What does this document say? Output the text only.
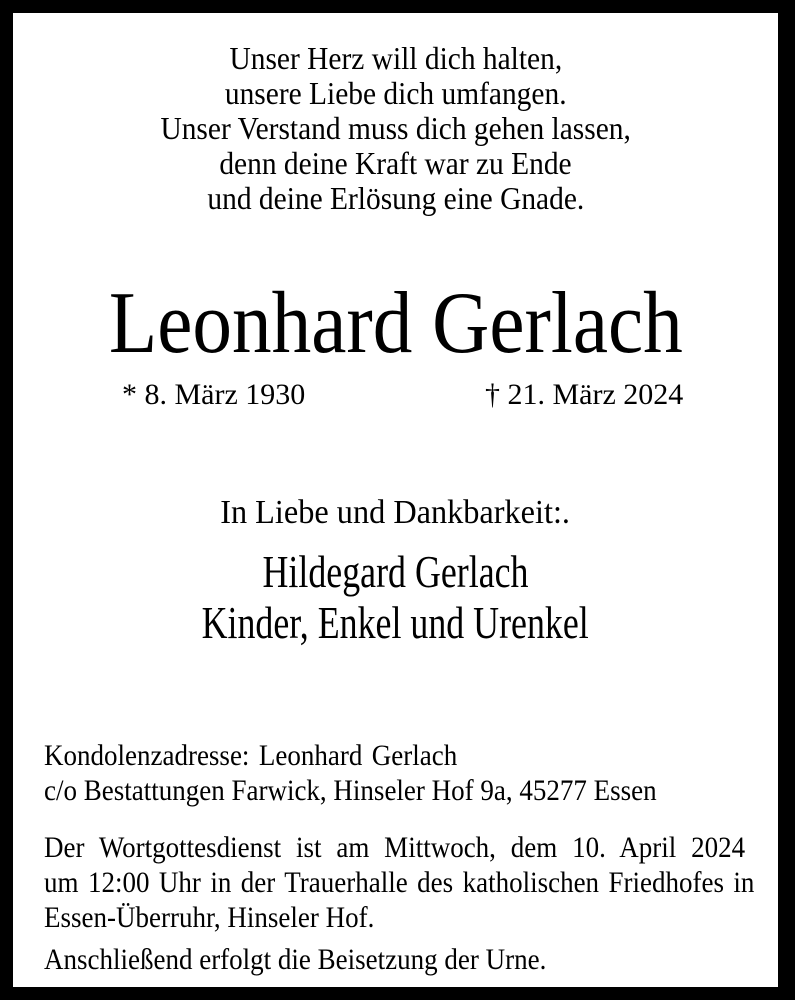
Unser Herz will dich halten,
unsere Liebe dich umfangen.
Unser Verstand muss dich gehen lassen,
denn deine Kraft war zu Ende
und deine Erlösung eine Gnade.
Leonhard Gerlach
* 8. März 1930	† 21. März 2024
In Liebe und Dankbarkeit:.
Hildegard Gerlach
Kinder, Enkel und Urenkel
Kondolenzadresse: Leonhard Gerlach
c/o Bestattungen Farwick, Hinseler Hof 9a, 45277 Essen
Der Wortgottesdienst ist am Mittwoch, dem 10. April 2024
um 12:00 Uhr in der Trauerhalle des katholischen Friedhofes in
Essen-Überruhr, Hinseler Hof.
Anschließend erfolgt die Beisetzung der Urne.
